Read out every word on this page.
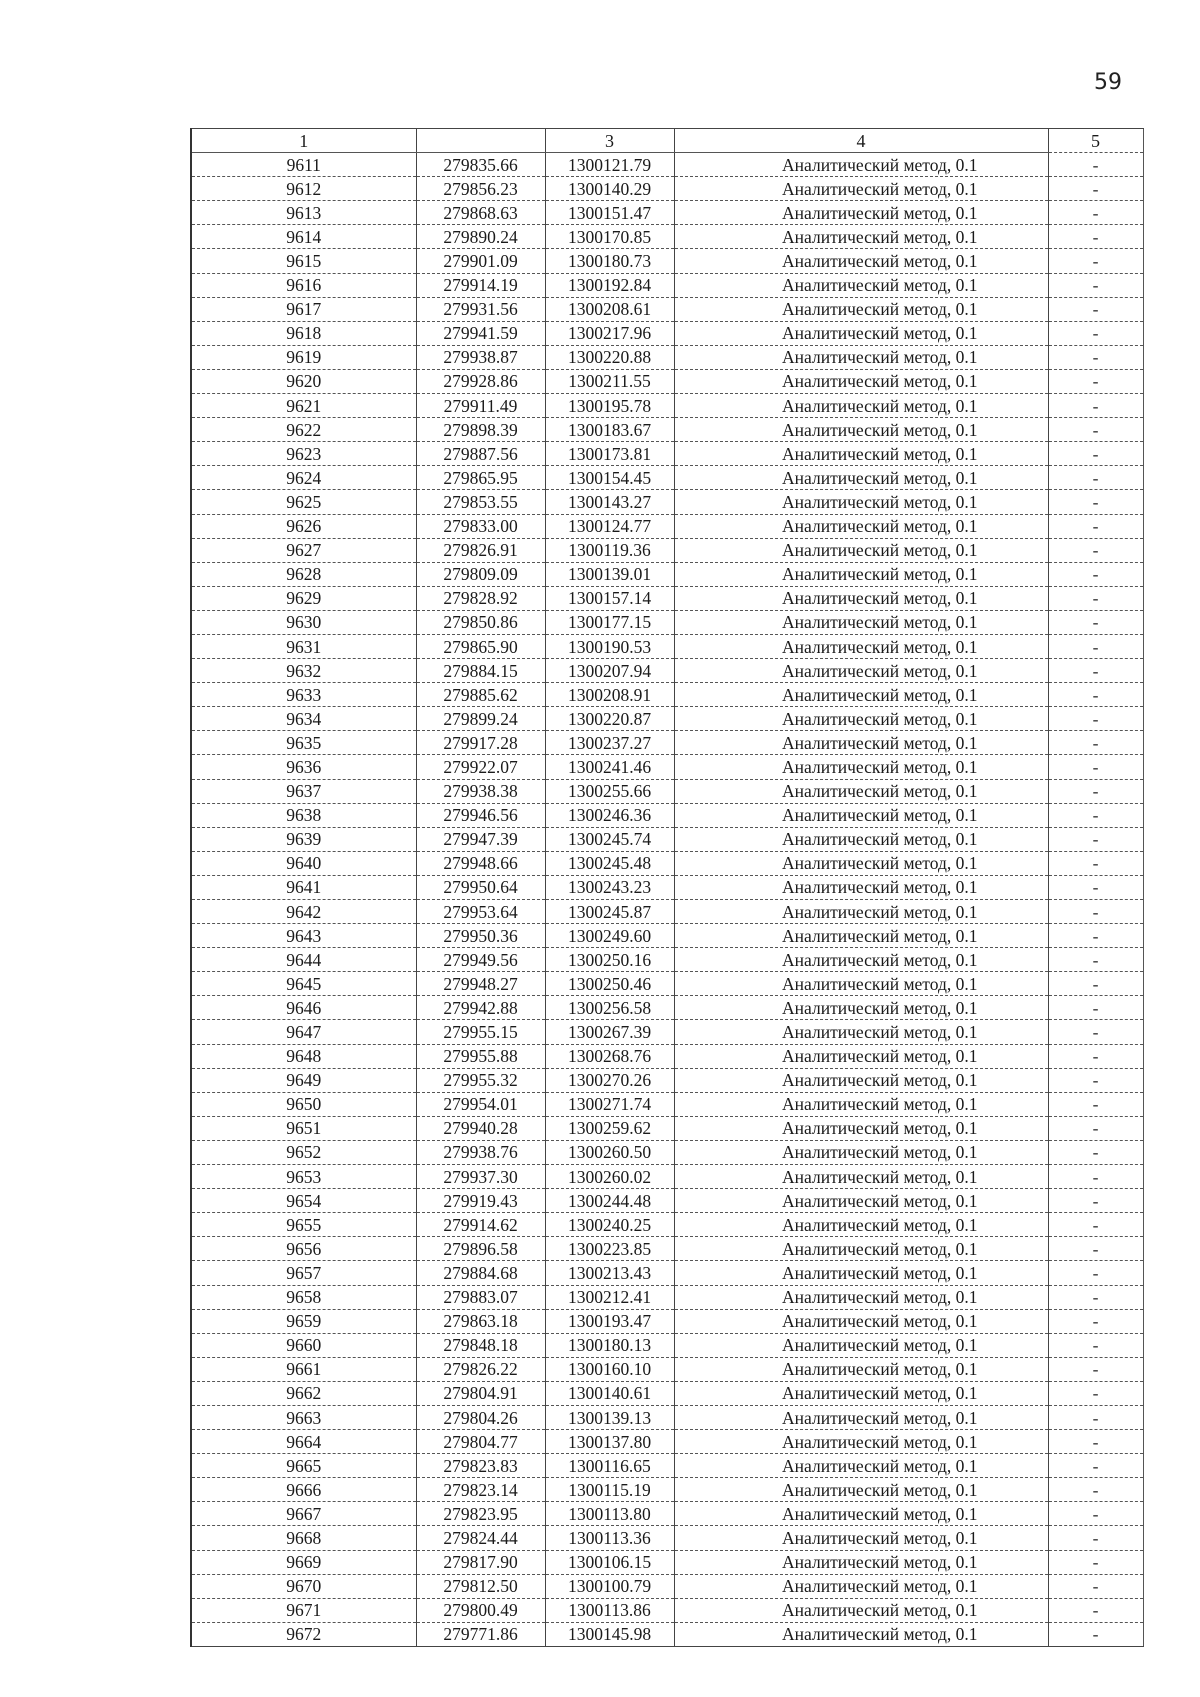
59
1		3	4	5
9611	279835.66	1300121.79	Аналитический метод, 0.1	-
9612	279856.23	1300140.29	Аналитический метод, 0.1	-
9613	279868.63	1300151.47	Аналитический метод, 0.1	-
9614	279890.24	1300170.85	Аналитический метод, 0.1	-
9615	279901.09	1300180.73	Аналитический метод, 0.1	-
9616	279914.19	1300192.84	Аналитический метод, 0.1	-
9617	279931.56	1300208.61	Аналитический метод, 0.1	-
9618	279941.59	1300217.96	Аналитический метод, 0.1	-
9619	279938.87	1300220.88	Аналитический метод, 0.1	-
9620	279928.86	1300211.55	Аналитический метод, 0.1	-
9621	279911.49	1300195.78	Аналитический метод, 0.1	-
9622	279898.39	1300183.67	Аналитический метод, 0.1	-
9623	279887.56	1300173.81	Аналитический метод, 0.1	-
9624	279865.95	1300154.45	Аналитический метод, 0.1	-
9625	279853.55	1300143.27	Аналитический метод, 0.1	-
9626	279833.00	1300124.77	Аналитический метод, 0.1	-
9627	279826.91	1300119.36	Аналитический метод, 0.1	-
9628	279809.09	1300139.01	Аналитический метод, 0.1	-
9629	279828.92	1300157.14	Аналитический метод, 0.1	-
9630	279850.86	1300177.15	Аналитический метод, 0.1	-
9631	279865.90	1300190.53	Аналитический метод, 0.1	-
9632	279884.15	1300207.94	Аналитический метод, 0.1	-
9633	279885.62	1300208.91	Аналитический метод, 0.1	-
9634	279899.24	1300220.87	Аналитический метод, 0.1	-
9635	279917.28	1300237.27	Аналитический метод, 0.1	-
9636	279922.07	1300241.46	Аналитический метод, 0.1	-
9637	279938.38	1300255.66	Аналитический метод, 0.1	-
9638	279946.56	1300246.36	Аналитический метод, 0.1	-
9639	279947.39	1300245.74	Аналитический метод, 0.1	-
9640	279948.66	1300245.48	Аналитический метод, 0.1	-
9641	279950.64	1300243.23	Аналитический метод, 0.1	-
9642	279953.64	1300245.87	Аналитический метод, 0.1	-
9643	279950.36	1300249.60	Аналитический метод, 0.1	-
9644	279949.56	1300250.16	Аналитический метод, 0.1	-
9645	279948.27	1300250.46	Аналитический метод, 0.1	-
9646	279942.88	1300256.58	Аналитический метод, 0.1	-
9647	279955.15	1300267.39	Аналитический метод, 0.1	-
9648	279955.88	1300268.76	Аналитический метод, 0.1	-
9649	279955.32	1300270.26	Аналитический метод, 0.1	-
9650	279954.01	1300271.74	Аналитический метод, 0.1	-
9651	279940.28	1300259.62	Аналитический метод, 0.1	-
9652	279938.76	1300260.50	Аналитический метод, 0.1	-
9653	279937.30	1300260.02	Аналитический метод, 0.1	-
9654	279919.43	1300244.48	Аналитический метод, 0.1	-
9655	279914.62	1300240.25	Аналитический метод, 0.1	-
9656	279896.58	1300223.85	Аналитический метод, 0.1	-
9657	279884.68	1300213.43	Аналитический метод, 0.1	-
9658	279883.07	1300212.41	Аналитический метод, 0.1	-
9659	279863.18	1300193.47	Аналитический метод, 0.1	-
9660	279848.18	1300180.13	Аналитический метод, 0.1	-
9661	279826.22	1300160.10	Аналитический метод, 0.1	-
9662	279804.91	1300140.61	Аналитический метод, 0.1	-
9663	279804.26	1300139.13	Аналитический метод, 0.1	-
9664	279804.77	1300137.80	Аналитический метод, 0.1	-
9665	279823.83	1300116.65	Аналитический метод, 0.1	-
9666	279823.14	1300115.19	Аналитический метод, 0.1	-
9667	279823.95	1300113.80	Аналитический метод, 0.1	-
9668	279824.44	1300113.36	Аналитический метод, 0.1	-
9669	279817.90	1300106.15	Аналитический метод, 0.1	-
9670	279812.50	1300100.79	Аналитический метод, 0.1	-
9671	279800.49	1300113.86	Аналитический метод, 0.1	-
9672	279771.86	1300145.98	Аналитический метод, 0.1	-
